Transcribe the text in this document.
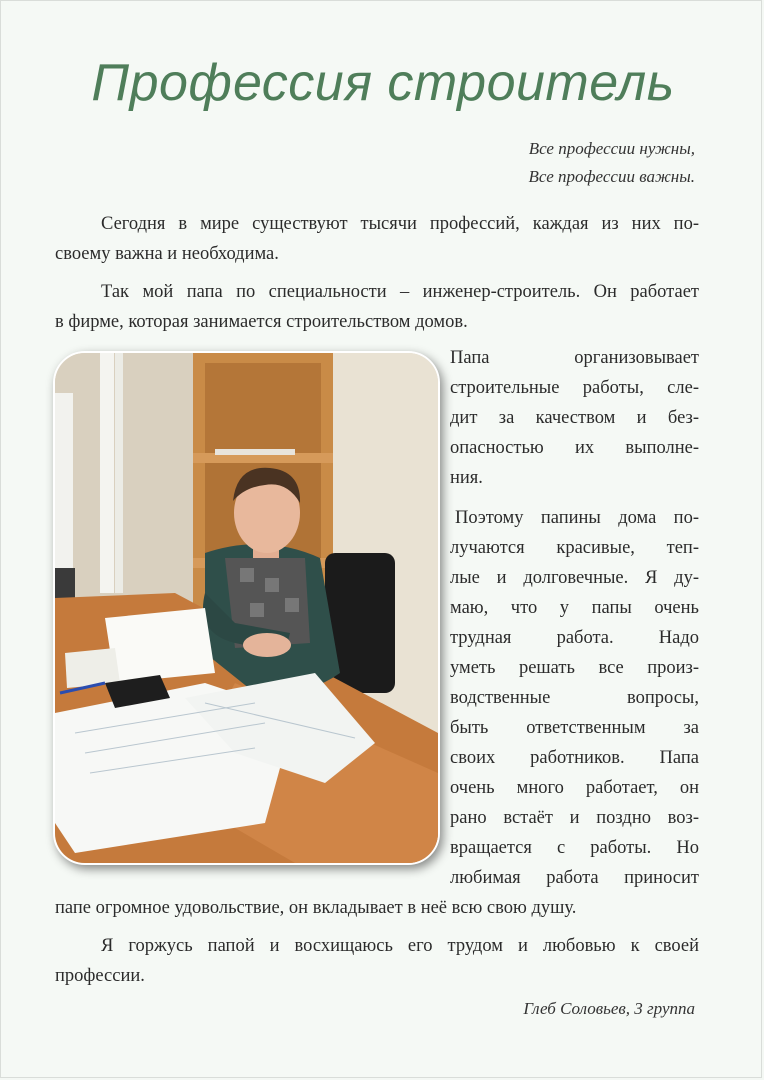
Профессия строитель
Все профессии нужны,
Все профессии важны.
Сегодня в мире существуют тысячи профессий, каждая из них по-
своему важна и необходима.
Так мой папа по специальности – инженер-строитель. Он работает
в фирме, которая занимается строительством домов.
Папа организовывает
строительные работы, сле-
дит за качеством и без-
опасностью их выполне-
ния.
Поэтому папины дома по-
лучаются красивые, теп-
лые и долговечные. Я ду-
маю, что у папы очень
трудная работа. Надо
уметь решать все произ-
водственные вопросы,
быть ответственным за
своих работников. Папа
очень много работает, он
рано встаёт и поздно воз-
вращается с работы. Но
любимая работа приносит
папе огромное удовольствие, он вкладывает в неё всю свою душу.
Я горжусь папой и восхищаюсь его трудом и любовью к своей
профессии.
Глеб Соловьев, 3 группа
